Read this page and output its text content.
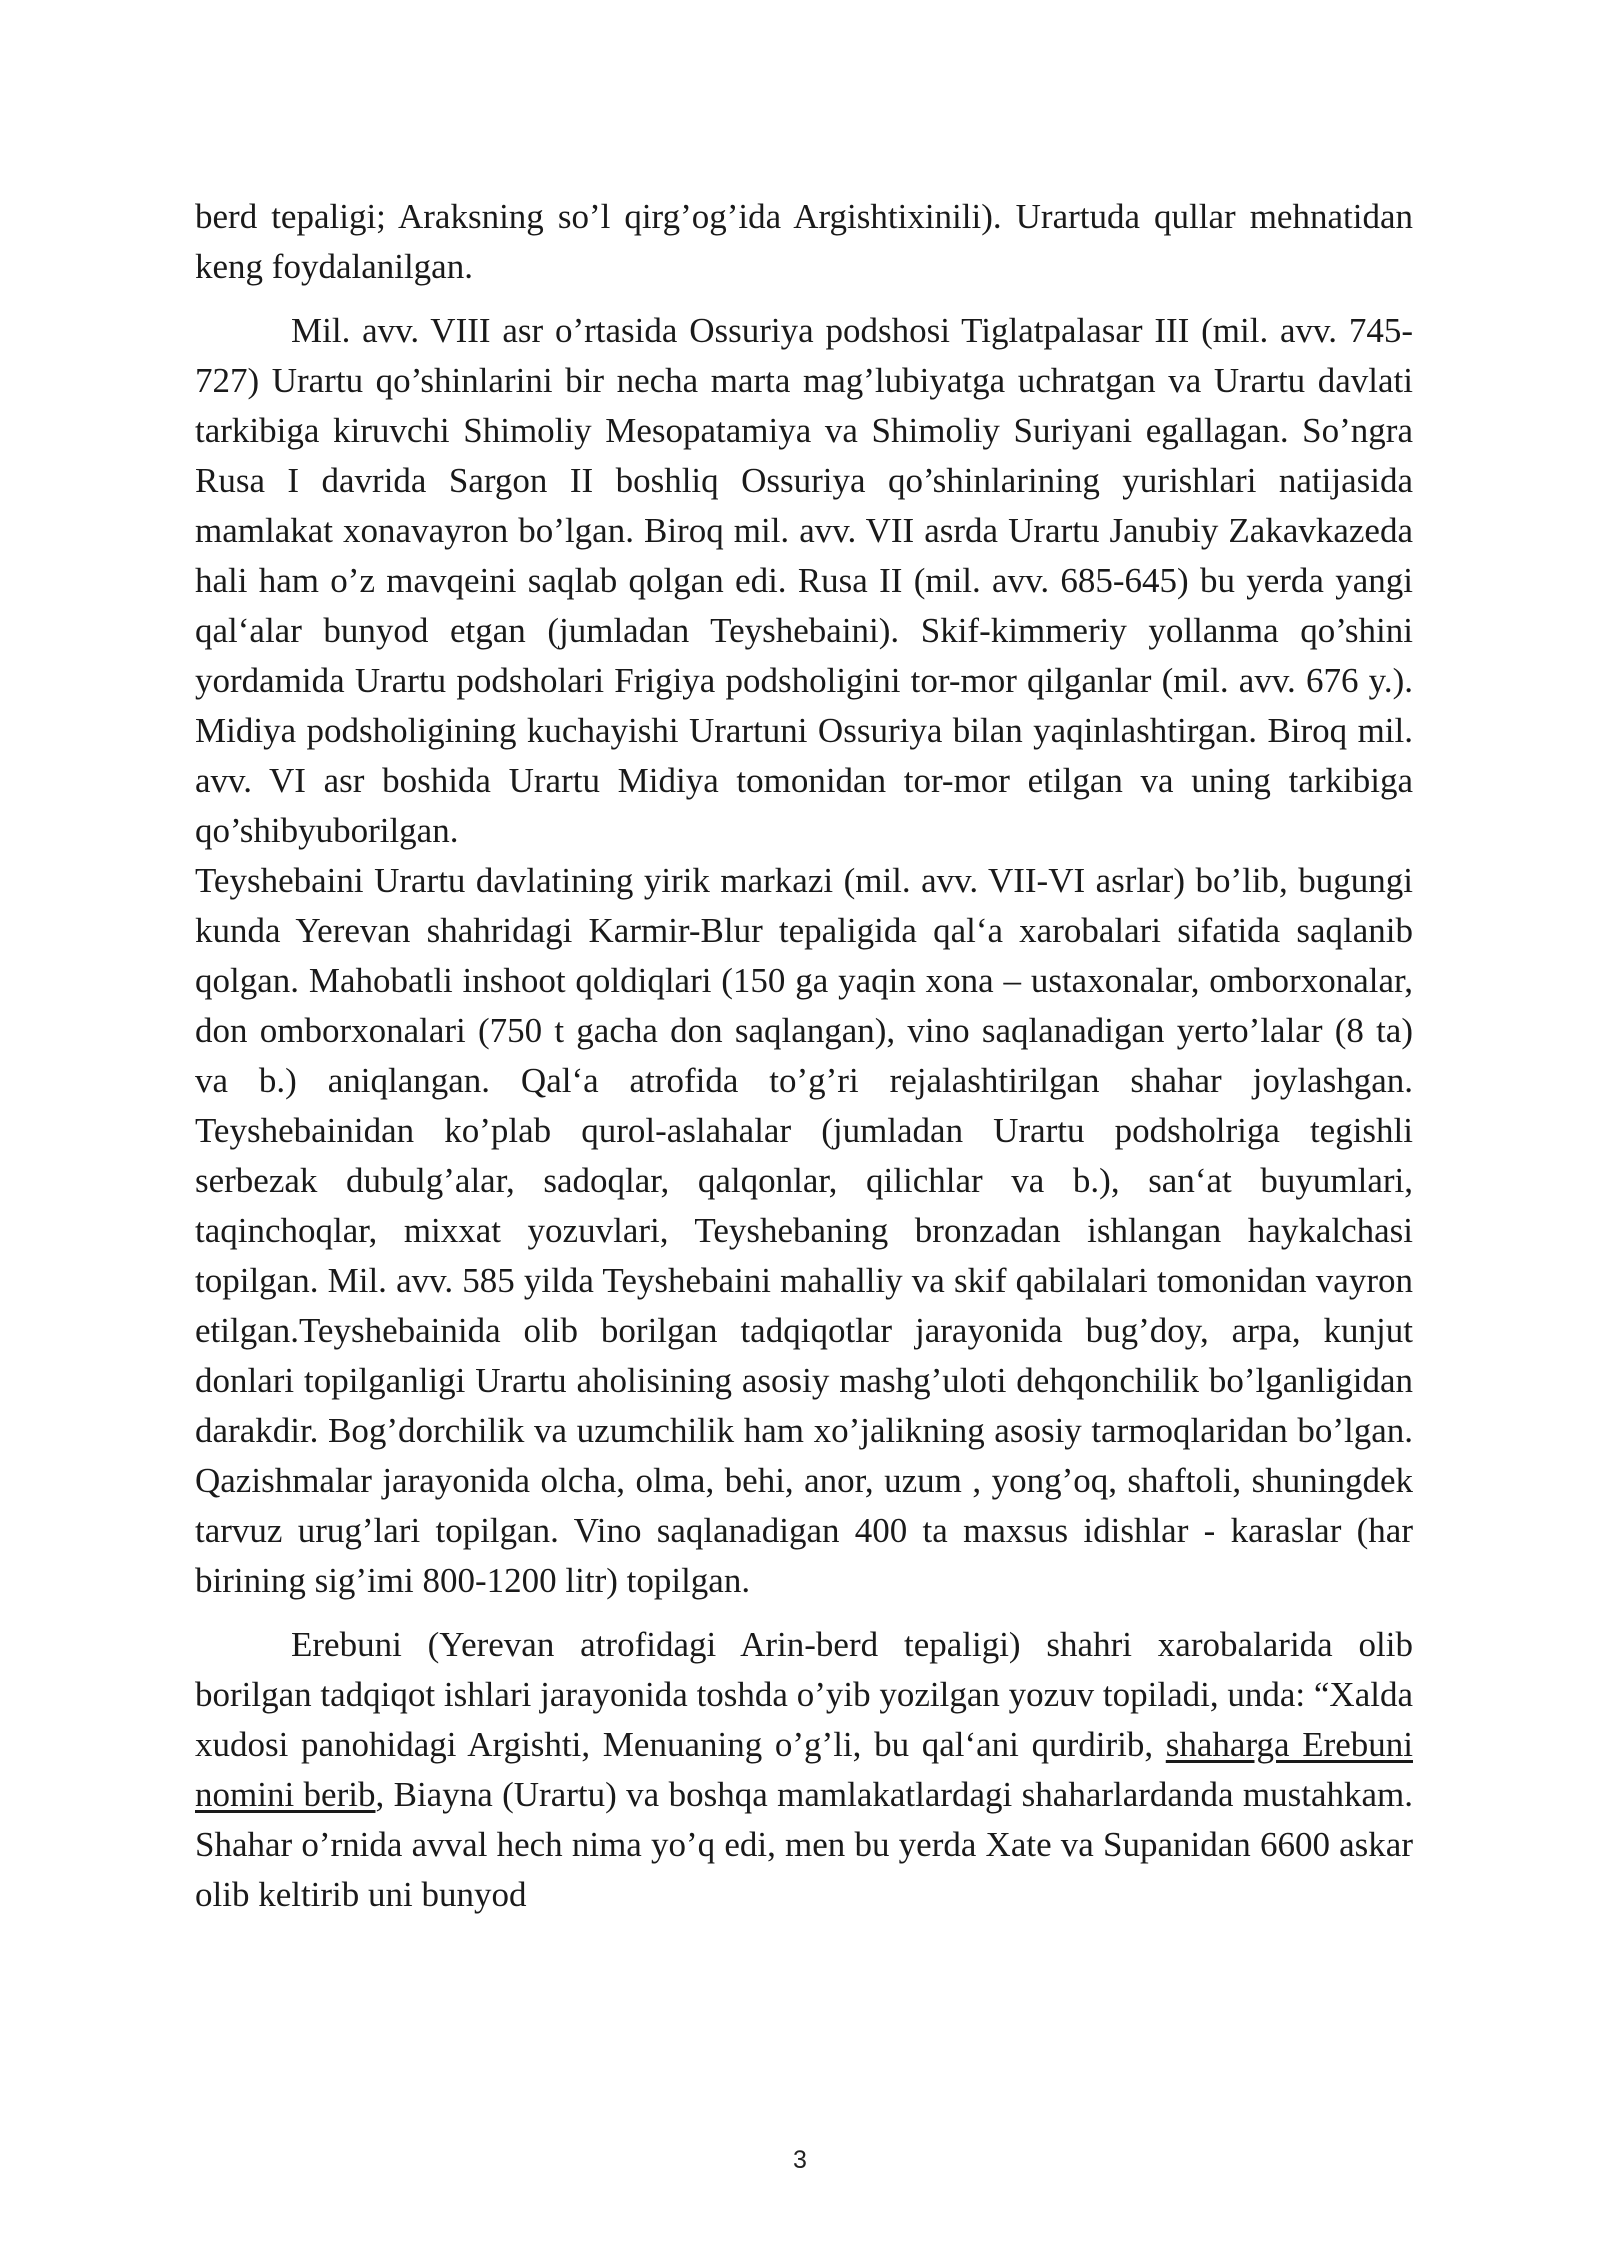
berd tepaligi; Araksning so’l qirg’og’ida Argishtixinili). Urartuda qullar mehnatidan keng foydalanilgan.

Mil. avv. VIII asr o’rtasida Ossuriya podshosi Tiglatpalasar III (mil. avv. 745-727) Urartu qo’shinlarini bir necha marta mag’lubiyatga uchratgan va Urartu davlati tarkibiga kiruvchi Shimoliy Mesopatamiya va Shimoliy Suriyani egallagan. So’ngra Rusa I davrida Sargon II boshliq Ossuriya qo’shinlarining yurishlari natijasida mamlakat xonavayron bo’lgan. Biroq mil. avv. VII asrda Urartu Janubiy Zakavkazeda hali ham o’z mavqeini saqlab qolgan edi. Rusa II (mil. avv. 685-645) bu yerda yangi qal‘alar bunyod etgan (jumladan Teyshebaini). Skif-kimmeriy yollanma qo’shini yordamida Urartu podsholari Frigiya podsholigini tor-mor qilganlar (mil. avv. 676 y.). Midiya podsholigining kuchayishi Urartuni Ossuriya bilan yaqinlashtirgan. Biroq mil. avv. VI asr boshida Urartu Midiya tomonidan tor-mor etilgan va uning tarkibiga qo’shibyuborilgan.

Teyshebaini Urartu davlatining yirik markazi (mil. avv. VII-VI asrlar) bo’lib, bugungi kunda Yerevan shahridagi Karmir-Blur tepaligida qal‘a xarobalari sifatida saqlanib qolgan. Mahobatli inshoot qoldiqlari (150 ga yaqin xona – ustaxonalar, omborxonalar, don omborxonalari (750 t gacha don saqlangan), vino saqlanadigan yerto’lalar (8 ta) va b.) aniqlangan. Qal‘a atrofida to’g’ri rejalashtirilgan shahar joylashgan. Teyshebainidan ko’plab qurol-aslahalar (jumladan Urartu podsholriga tegishli serbezak dubulg’alar, sadoqlar, qalqonlar, qilichlar va b.), san‘at buyumlari, taqinchoqlar, mixxat yozuvlari, Teyshebaning bronzadan ishlangan haykalchasi topilgan. Mil. avv. 585 yilda Teyshebaini mahalliy va skif qabilalari tomonidan vayron etilgan.Teyshebainida olib borilgan tadqiqotlar jarayonida bug’doy, arpa, kunjut donlari topilganligi Urartu aholisining asosiy mashg’uloti dehqonchilik bo’lganligidan darakdir. Bog’dorchilik va uzumchilik ham xo’jalikning asosiy tarmoqlaridan bo’lgan. Qazishmalar jarayonida olcha, olma, behi, anor, uzum , yong’oq, shaftoli, shuningdek tarvuz urug’lari topilgan. Vino saqlanadigan 400 ta maxsus idishlar - karaslar (har birining sig’imi 800-1200 litr) topilgan.

Erebuni (Yerevan atrofidagi Arin-berd tepaligi) shahri xarobalarida olib borilgan tadqiqot ishlari jarayonida toshda o’yib yozilgan yozuv topiladi, unda: “Xalda xudosi panohidagi Argishti, Menuaning o’g’li, bu qal‘ani qurdirib, shaharga Erebuni nomini berib, Biayna (Urartu) va boshqa mamlakatlardagi shaharlardanda mustahkam. Shahar o’rnida avval hech nima yo’q edi, men bu yerda Xate va Supanidan 6600 askar olib keltirib uni bunyod

3
